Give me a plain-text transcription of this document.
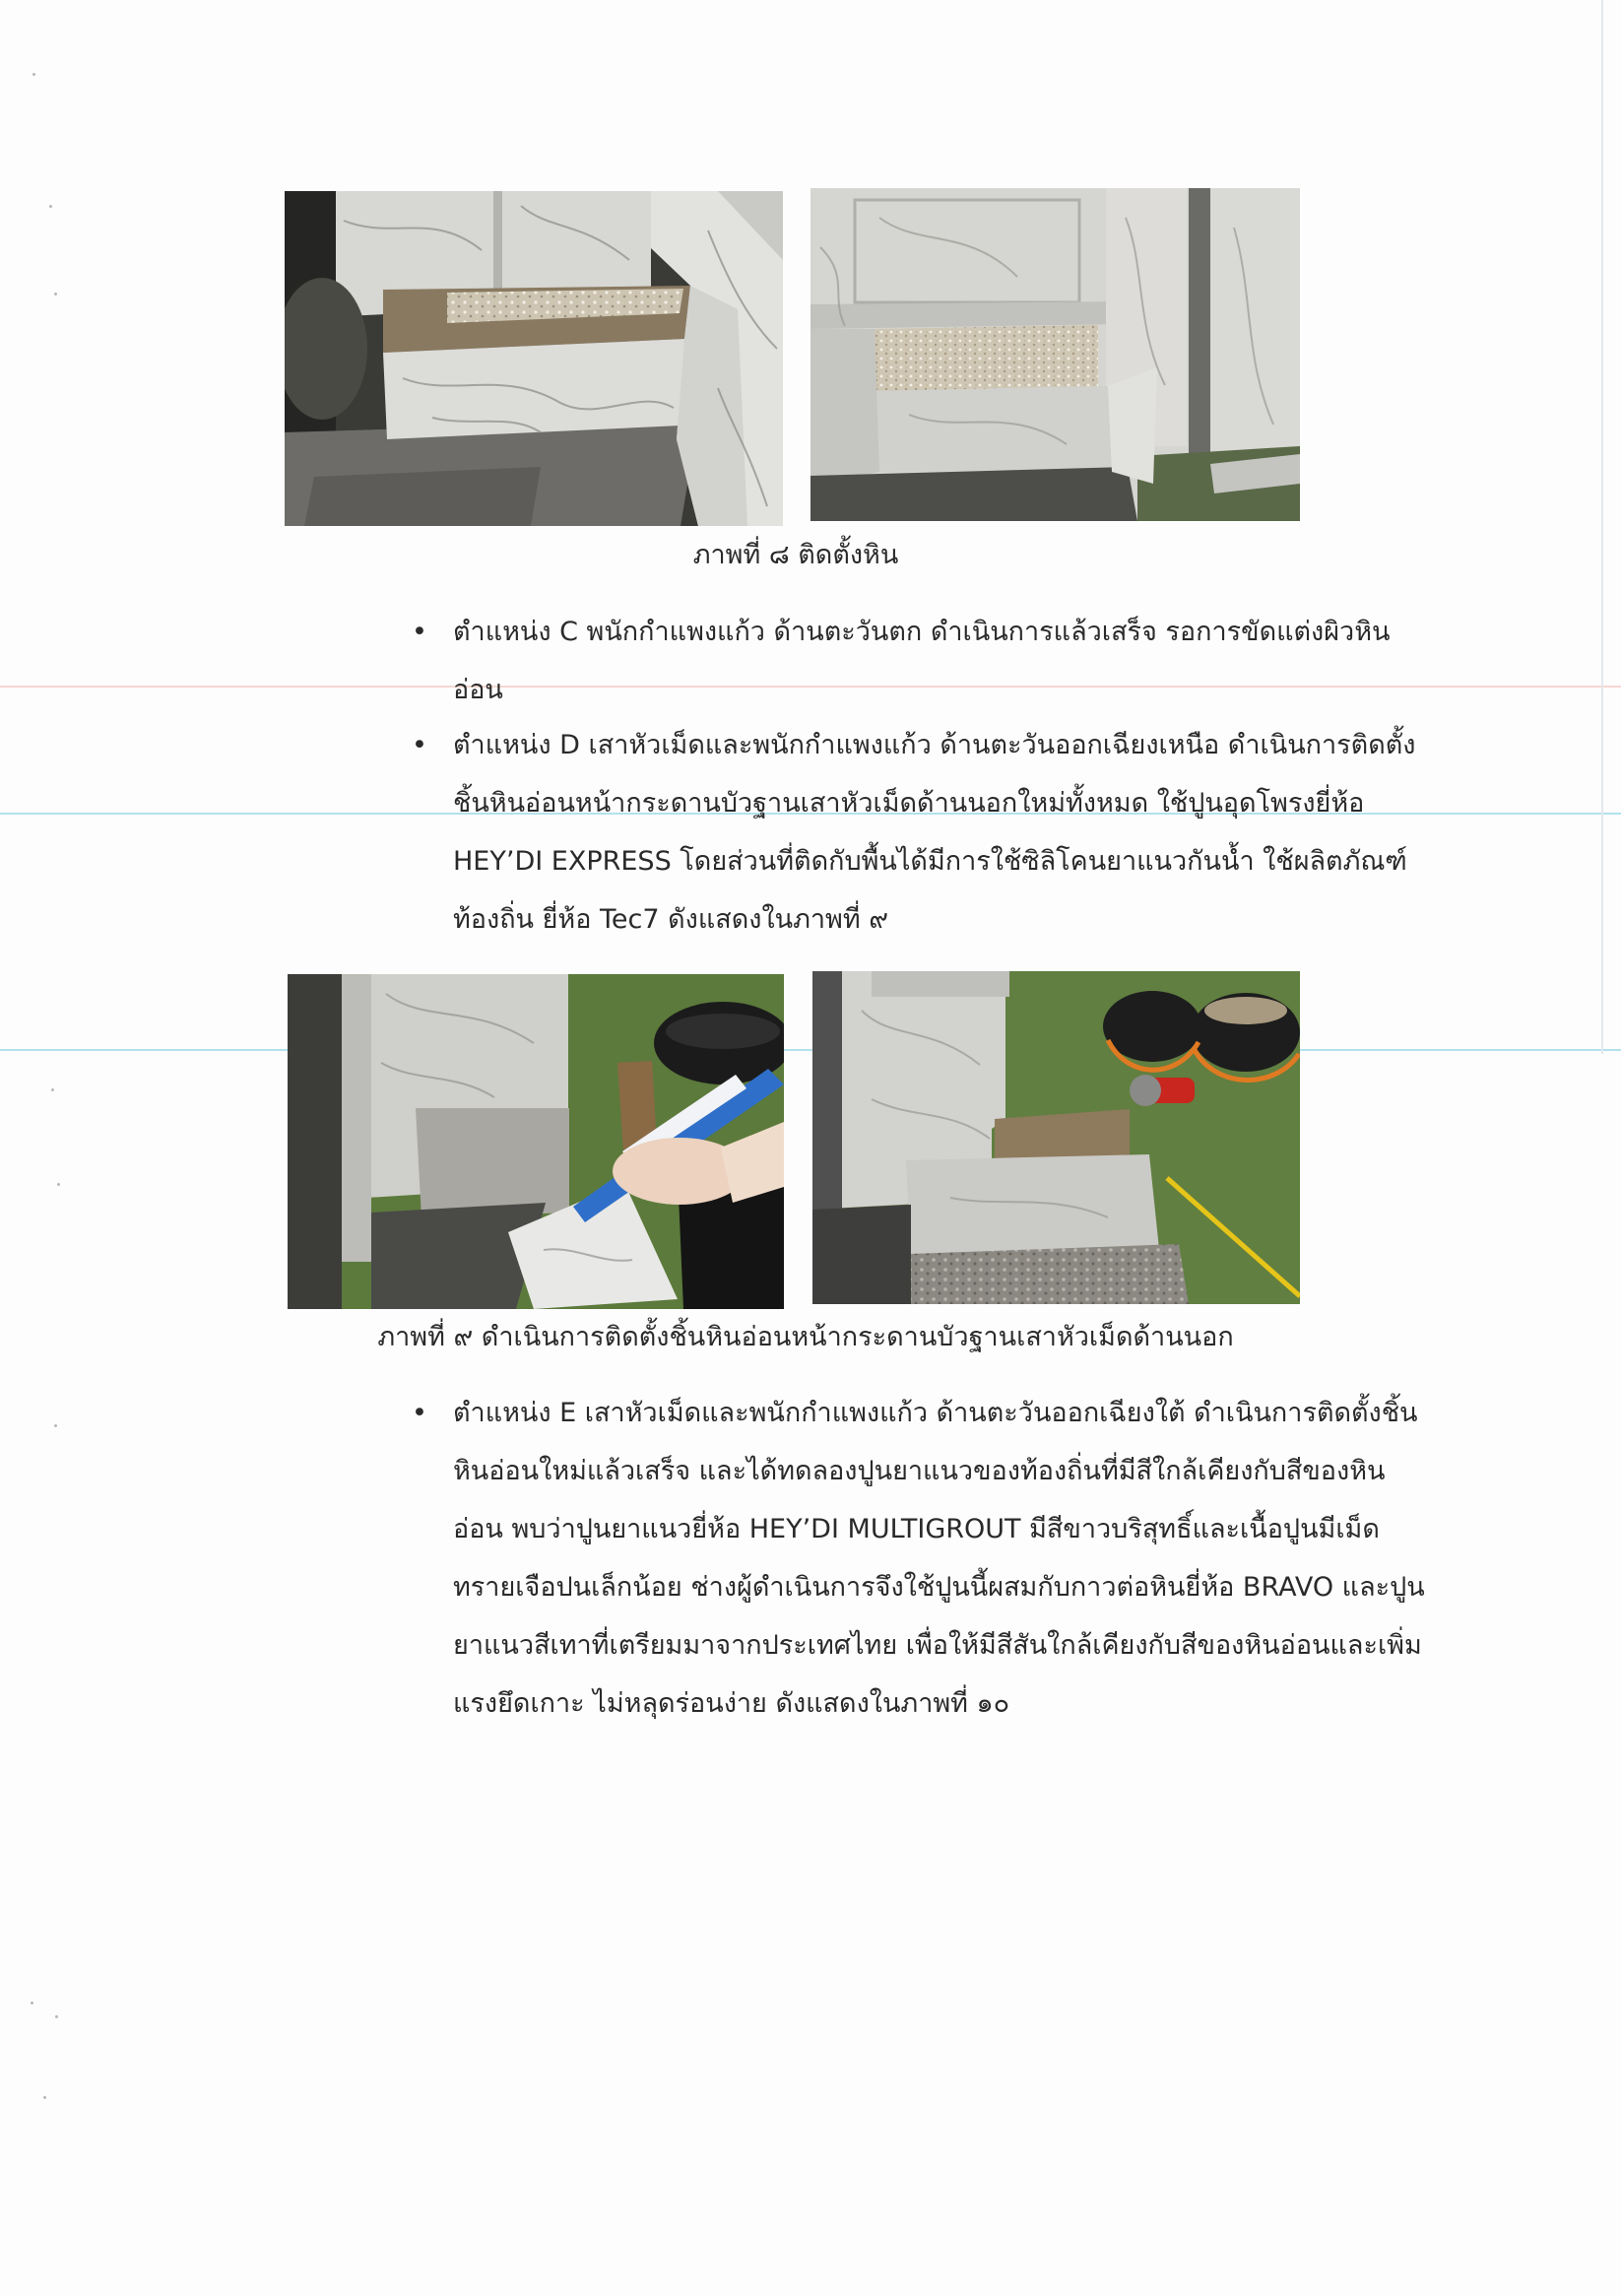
ภาพที่ ๘ ติดตั้งหิน
• ตำแหน่ง C พนักกำแพงแก้ว ด้านตะวันตก ดำเนินการแล้วเสร็จ รอการขัดแต่งผิวหิน
อ่อน
• ตำแหน่ง D เสาหัวเม็ดและพนักกำแพงแก้ว ด้านตะวันออกเฉียงเหนือ ดำเนินการติดตั้ง
ชิ้นหินอ่อนหน้ากระดานบัวฐานเสาหัวเม็ดด้านนอกใหม่ทั้งหมด ใช้ปูนอุดโพรงยี่ห้อ
HEY’DI EXPRESS โดยส่วนที่ติดกับพื้นได้มีการใช้ซิลิโคนยาแนวกันน้ำ ใช้ผลิตภัณฑ์
ท้องถิ่น ยี่ห้อ Tec7 ดังแสดงในภาพที่ ๙
ภาพที่ ๙ ดำเนินการติดตั้งชิ้นหินอ่อนหน้ากระดานบัวฐานเสาหัวเม็ดด้านนอก
• ตำแหน่ง E เสาหัวเม็ดและพนักกำแพงแก้ว ด้านตะวันออกเฉียงใต้ ดำเนินการติดตั้งชิ้น
หินอ่อนใหม่แล้วเสร็จ และได้ทดลองปูนยาแนวของท้องถิ่นที่มีสีใกล้เคียงกับสีของหิน
อ่อน พบว่าปูนยาแนวยี่ห้อ HEY’DI MULTIGROUT มีสีขาวบริสุทธิ์และเนื้อปูนมีเม็ด
ทรายเจือปนเล็กน้อย ช่างผู้ดำเนินการจึงใช้ปูนนี้ผสมกับกาวต่อหินยี่ห้อ BRAVO และปูน
ยาแนวสีเทาที่เตรียมมาจากประเทศไทย เพื่อให้มีสีสันใกล้เคียงกับสีของหินอ่อนและเพิ่ม
แรงยึดเกาะ ไม่หลุดร่อนง่าย ดังแสดงในภาพที่ ๑๐
